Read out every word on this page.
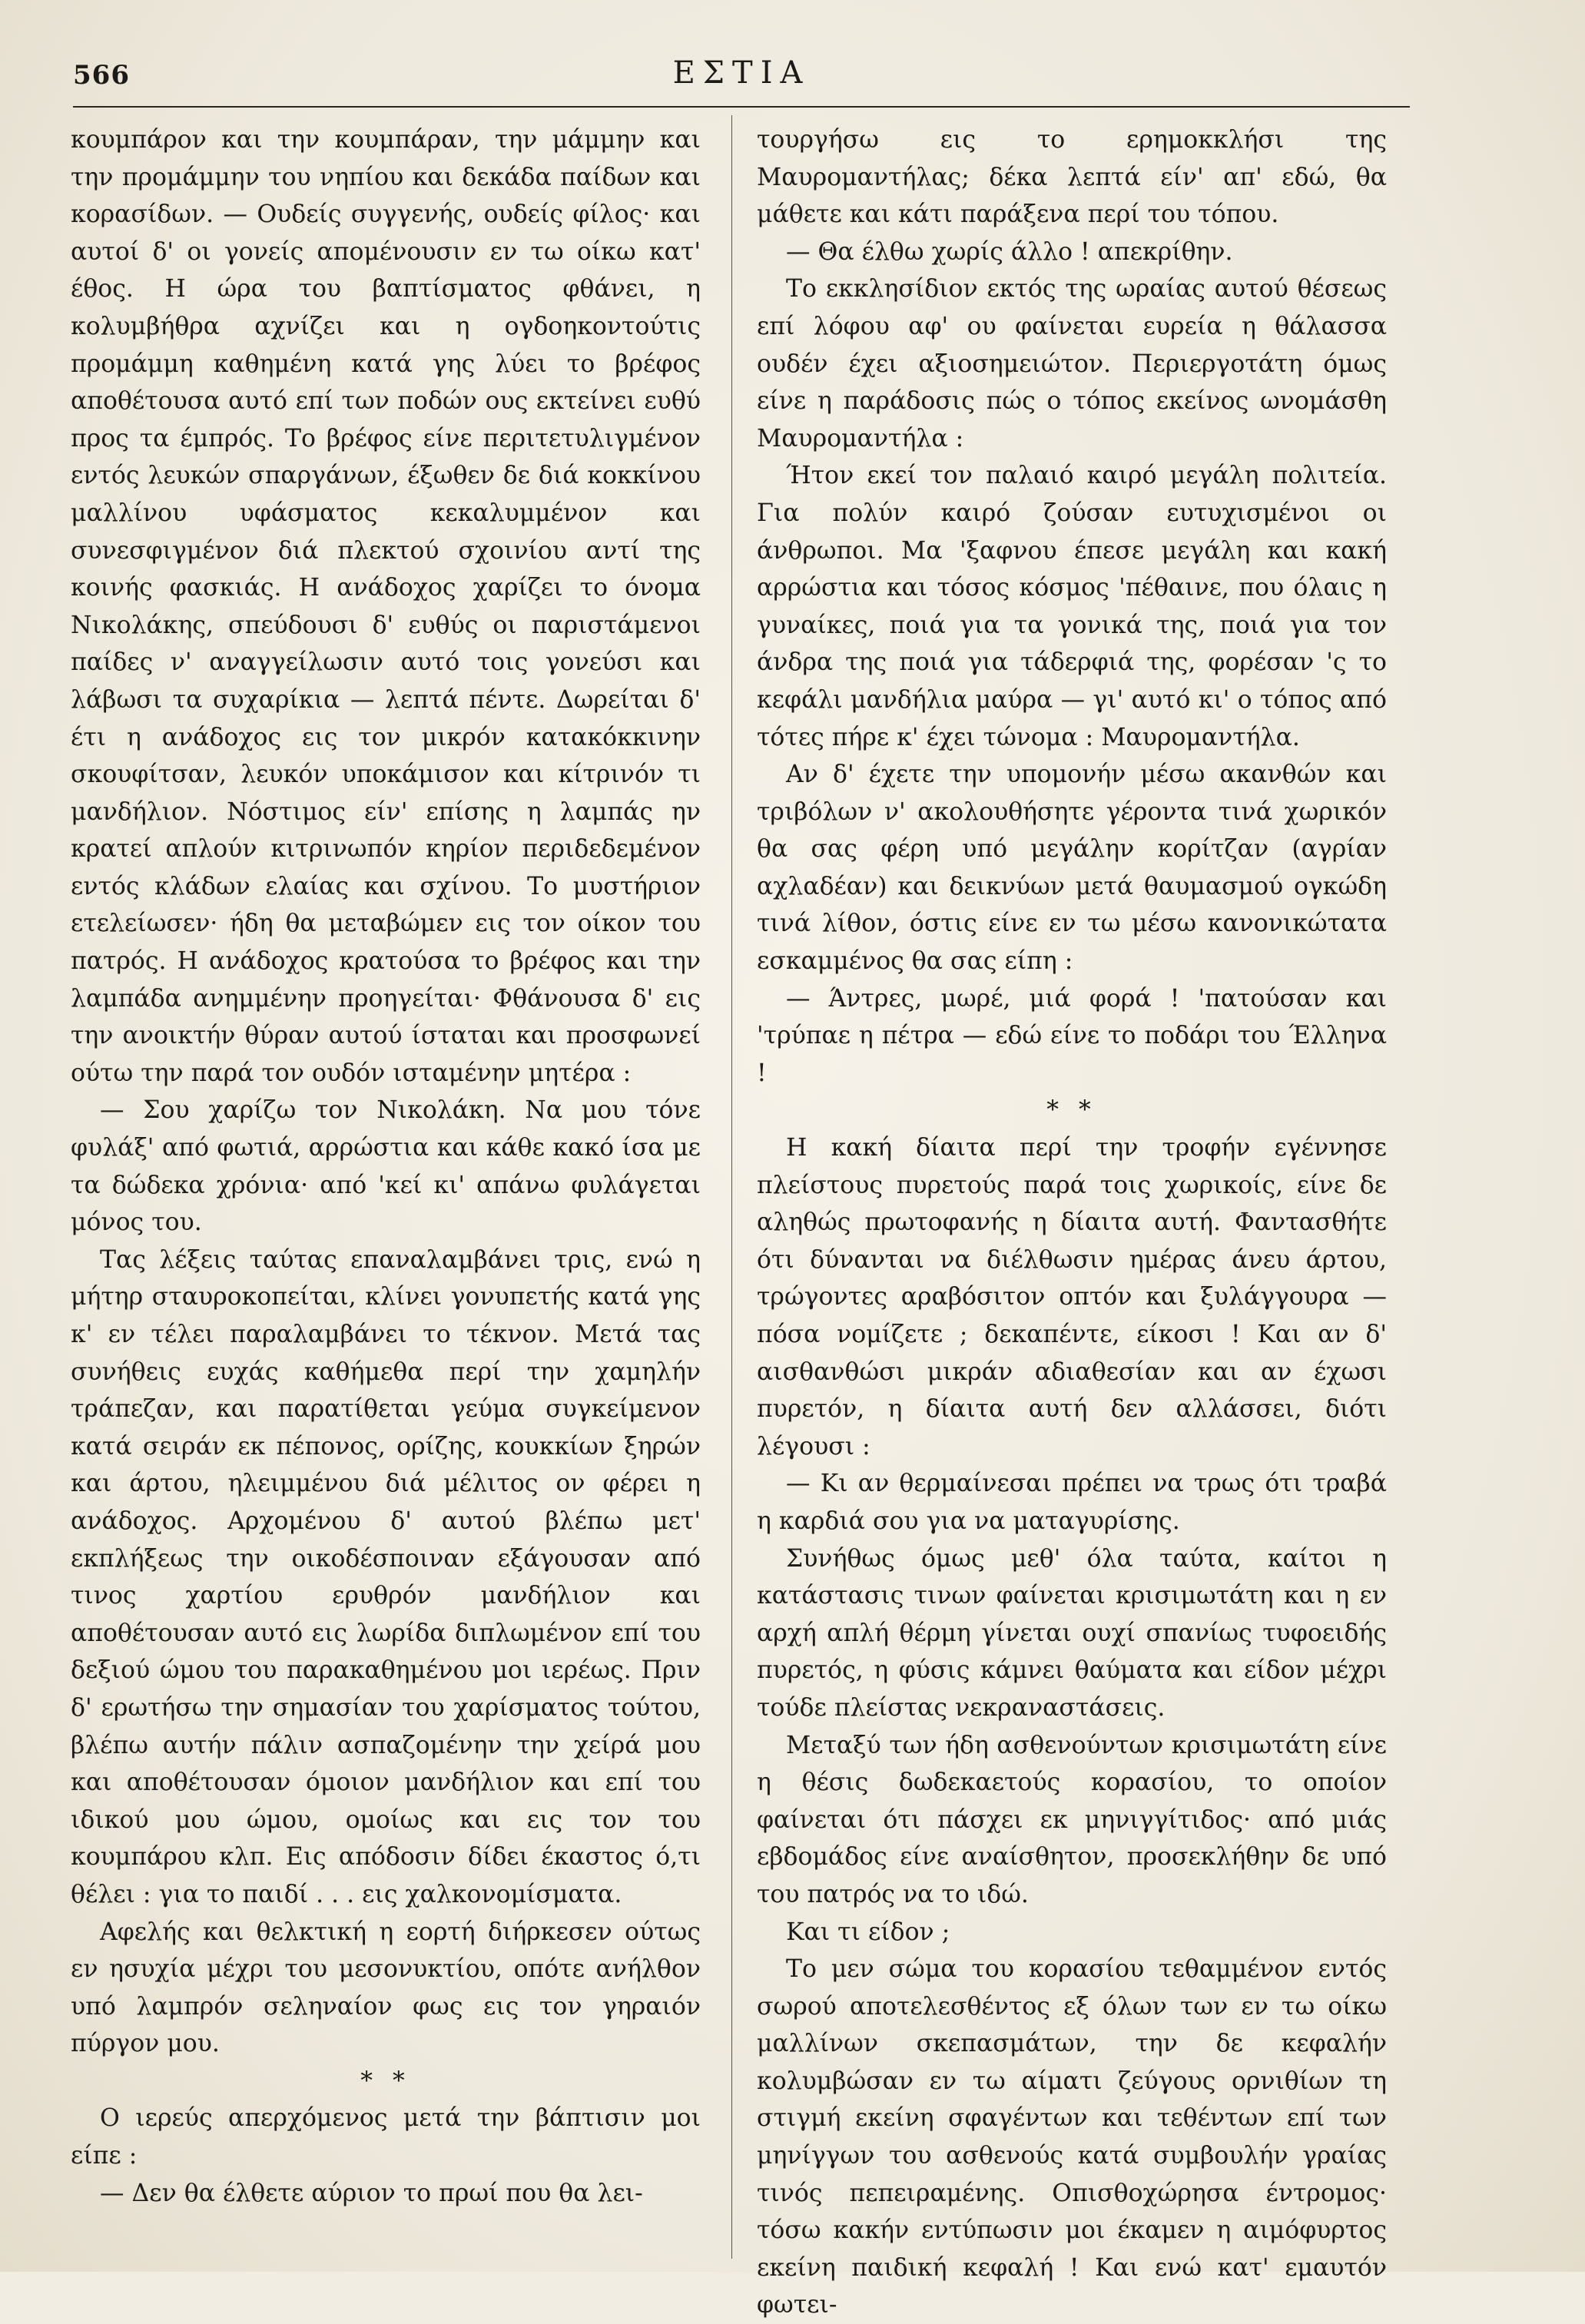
566	ΕΣΤΙΑ

κουμπάρον και την κουμπάραν, την μάμμην και την προμάμμην του νηπίου και δεκάδα παίδων και κορασίδων. — Ουδείς συγγενής, ουδείς φίλος· και αυτοί δ' οι γονείς απομένουσιν εν τω οίκω κατ' έθος. Η ώρα του βαπτίσματος φθάνει, η κολυμβήθρα αχνίζει και η ογδοηκοντούτις προμάμμη καθημένη κατά γης λύει το βρέφος αποθέτουσα αυτό επί των ποδών ους εκτείνει ευθύ προς τα έμπρός. Το βρέφος είνε περιτετυλιγμένον εντός λευκών σπαργάνων, έξωθεν δε διά κοκκίνου μαλλίνου υφάσματος κεκαλυμμένον και συνεσφιγμένον διά πλεκτού σχοινίου αντί της κοινής φασκιάς. Η ανάδοχος χαρίζει το όνομα Νικολάκης, σπεύδουσι δ' ευθύς οι παριστάμενοι παίδες ν' αναγγείλωσιν αυτό τοις γονεύσι και λάβωσι τα συχαρίκια — λεπτά πέντε. Δωρείται δ' έτι η ανάδοχος εις τον μικρόν κατακόκκινην σκουφίτσαν, λευκόν υποκάμισον και κίτρινόν τι μανδήλιον. Νόστιμος είν' επίσης η λαμπάς ην κρατεί απλούν κιτρινωπόν κηρίον περιδεδεμένον εντός κλάδων ελαίας και σχίνου. Το μυστήριον ετελείωσεν· ήδη θα μεταβώμεν εις τον οίκον του πατρός. Η ανάδοχος κρατούσα το βρέφος και την λαμπάδα ανημμένην προηγείται· Φθάνουσα δ' εις την ανοικτήν θύραν αυτού ίσταται και προσφωνεί ούτω την παρά τον ουδόν ισταμένην μητέρα :

— Σου χαρίζω τον Νικολάκη. Να μου τόνε φυλάξ' από φωτιά, αρρώστια και κάθε κακό ίσα με τα δώδεκα χρόνια· από 'κεί κι' απάνω φυλάγεται μόνος του.

Τας λέξεις ταύτας επαναλαμβάνει τρις, ενώ η μήτηρ σταυροκοπείται, κλίνει γονυπετής κατά γης κ' εν τέλει παραλαμβάνει το τέκνον. Μετά τας συνήθεις ευχάς καθήμεθα περί την χαμηλήν τράπεζαν, και παρατίθεται γεύμα συγκείμενον κατά σειράν εκ πέπονος, ορίζης, κουκκίων ξηρών και άρτου, ηλειμμένου διά μέλιτος ον φέρει η ανάδοχος. Αρχομένου δ' αυτού βλέπω μετ' εκπλήξεως την οικοδέσποιναν εξάγουσαν από τινος χαρτίου ερυθρόν μανδήλιον και αποθέτουσαν αυτό εις λωρίδα διπλωμένον επί του δεξιού ώμου του παρακαθημένου μοι ιερέως. Πριν δ' ερωτήσω την σημασίαν του χαρίσματος τούτου, βλέπω αυτήν πάλιν ασπαζομένην την χείρά μου και αποθέτουσαν όμοιον μανδήλιον και επί του ιδικού μου ώμου, ομοίως και εις τον του κουμπάρου κλπ. Εις απόδοσιν δίδει έκαστος ό,τι θέλει : για το παιδί . . . εις χαλκονομίσματα.

Αφελής και θελκτική η εορτή διήρκεσεν ούτως εν ησυχία μέχρι του μεσονυκτίου, οπότε ανήλθον υπό λαμπρόν σεληναίον φως εις τον γηραιόν πύργον μου.

* *

Ο ιερεύς απερχόμενος μετά την βάπτισιν μοι είπε :

— Δεν θα έλθετε αύριον το πρωί που θα λει-

τουργήσω εις το ερημοκκλήσι της Μαυρομαντήλας; δέκα λεπτά είν' απ' εδώ, θα μάθετε και κάτι παράξενα περί του τόπου.

— Θα έλθω χωρίς άλλο ! απεκρίθην.

Το εκκλησίδιον εκτός της ωραίας αυτού θέσεως επί λόφου αφ' ου φαίνεται ευρεία η θάλασσα ουδέν έχει αξιοσημειώτον. Περιεργοτάτη όμως είνε η παράδοσις πώς ο τόπος εκείνος ωνομάσθη Μαυρομαντήλα :

Ήτον εκεί τον παλαιό καιρό μεγάλη πολιτεία. Για πολύν καιρό ζούσαν ευτυχισμένοι οι άνθρωποι. Μα 'ξαφνου έπεσε μεγάλη και κακή αρρώστια και τόσος κόσμος 'πέθαινε, που όλαις η γυναίκες, ποιά για τα γονικά της, ποιά για τον άνδρα της ποιά για τάδερφιά της, φορέσαν 'ς το κεφάλι μανδήλια μαύρα — γι' αυτό κι' ο τόπος από τότες πήρε κ' έχει τώνομα : Μαυρομαντήλα.

Αν δ' έχετε την υπομονήν μέσω ακανθών και τριβόλων ν' ακολουθήσητε γέροντα τινά χωρικόν θα σας φέρη υπό μεγάλην κορίτζαν (αγρίαν αχλαδέαν) και δεικνύων μετά θαυμασμού ογκώδη τινά λίθον, όστις είνε εν τω μέσω κανονικώτατα εσκαμμένος θα σας είπη :

— Άντρες, μωρέ, μιά φορά ! 'πατούσαν και 'τρύπαε η πέτρα — εδώ είνε το ποδάρι του Έλληνα !

* *

Η κακή δίαιτα περί την τροφήν εγέννησε πλείστους πυρετούς παρά τοις χωρικοίς, είνε δε αληθώς πρωτοφανής η δίαιτα αυτή. Φαντασθήτε ότι δύνανται να διέλθωσιν ημέρας άνευ άρτου, τρώγοντες αραβόσιτον οπτόν και ξυλάγγουρα — πόσα νομίζετε ; δεκαπέντε, είκοσι ! Και αν δ' αισθανθώσι μικράν αδιαθεσίαν και αν έχωσι πυρετόν, η δίαιτα αυτή δεν αλλάσσει, διότι λέγουσι :

— Κι αν θερμαίνεσαι πρέπει να τρως ότι τραβά η καρδιά σου για να ματαγυρίσης.

Συνήθως όμως μεθ' όλα ταύτα, καίτοι η κατάστασις τινων φαίνεται κρισιμωτάτη και η εν αρχή απλή θέρμη γίνεται ουχί σπανίως τυφοειδής πυρετός, η φύσις κάμνει θαύματα και είδον μέχρι τούδε πλείστας νεκραναστάσεις.

Μεταξύ των ήδη ασθενούντων κρισιμωτάτη είνε η θέσις δωδεκαετούς κορασίου, το οποίον φαίνεται ότι πάσχει εκ μηνιγγίτιδος· από μιάς εβδομάδος είνε αναίσθητον, προσεκλήθην δε υπό του πατρός να το ιδώ.

Και τι είδον ;

Το μεν σώμα του κορασίου τεθαμμένον εντός σωρού αποτελεσθέντος εξ όλων των εν τω οίκω μαλλίνων σκεπασμάτων, την δε κεφαλήν κολυμβώσαν εν τω αίματι ζεύγους ορνιθίων τη στιγμή εκείνη σφαγέντων και τεθέντων επί των μηνίγγων του ασθενούς κατά συμβουλήν γραίας τινός πεπειραμένης. Οπισθοχώρησα έντρομος· τόσω κακήν εντύπωσιν μοι έκαμεν η αιμόφυρτος εκείνη παιδική κεφαλή ! Και ενώ κατ' εμαυτόν φωτει-
